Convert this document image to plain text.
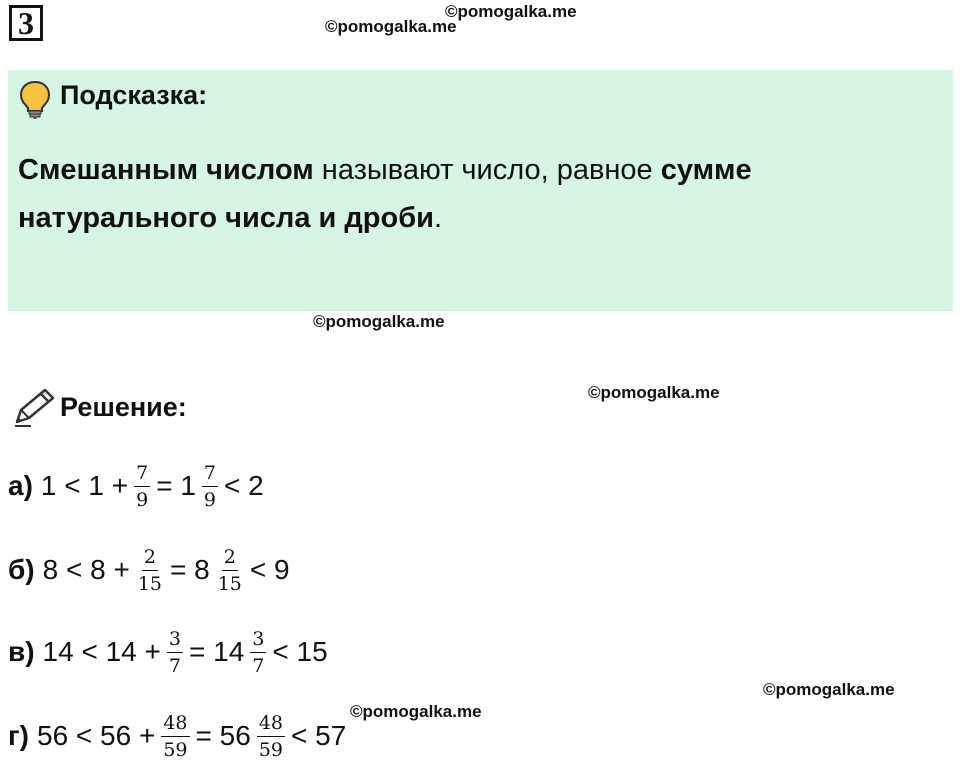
3	©pomogalka.me
©pomogalka.me
Подсказка:
Смешанным числом называют число, равное сумме натурального числа и дроби.
©pomogalka.me
©pomogalka.me
Решение:
а) $1 < 1 + \frac{7}{9} = 1 \frac{7}{9} < 2$
б) $8 < 8 + \frac{2}{15} = 8 \frac{2}{15} < 9$
в) $14 < 14 + \frac{3}{7} = 14 \frac{3}{7} < 15$
©pomogalka.me
©pomogalka.me
г) $56 < 56 + \frac{48}{59} = 56 \frac{48}{59} < 57$
